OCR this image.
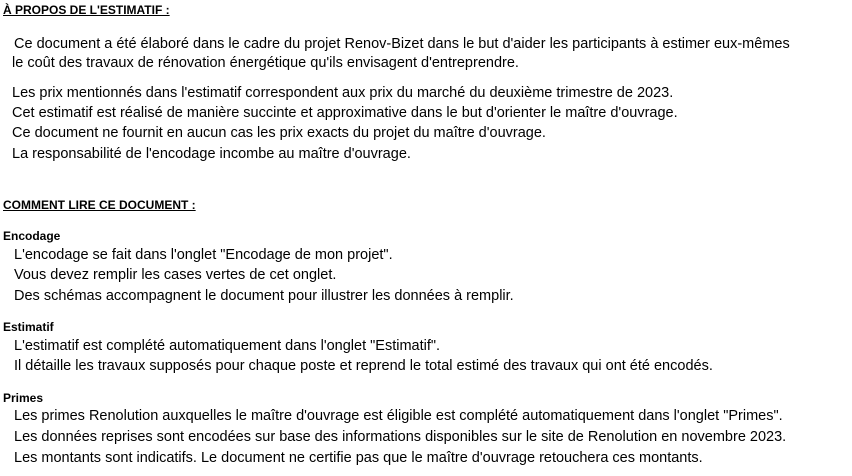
À PROPOS DE L'ESTIMATIF :
Ce document a été élaboré dans le cadre du projet Renov-Bizet dans le but d'aider les participants à estimer eux-mêmes
le coût des travaux de rénovation énergétique qu'ils envisagent d'entreprendre.
Les prix mentionnés dans l'estimatif correspondent aux prix du marché du deuxième trimestre de 2023.
Cet estimatif est réalisé de manière succinte et approximative dans le but d'orienter le maître d'ouvrage.
Ce document ne fournit en aucun cas les prix exacts du projet du maître d'ouvrage.
La responsabilité de l'encodage incombe au maître d'ouvrage.
COMMENT LIRE CE DOCUMENT :
Encodage
L'encodage se fait dans l'onglet "Encodage de mon projet".
Vous devez remplir les cases vertes de cet onglet.
Des schémas accompagnent le document pour illustrer les données à remplir.
Estimatif
L'estimatif est complété automatiquement dans l'onglet "Estimatif".
Il détaille les travaux supposés pour chaque poste et reprend le total estimé des travaux qui ont été encodés.
Primes
Les primes Renolution auxquelles le maître d'ouvrage est éligible est complété automatiquement dans l'onglet "Primes".
Les données reprises sont encodées sur base des informations disponibles sur le site de Renolution en novembre 2023.
Les montants sont indicatifs. Le document ne certifie pas que le maître d'ouvrage retouchera ces montants.
